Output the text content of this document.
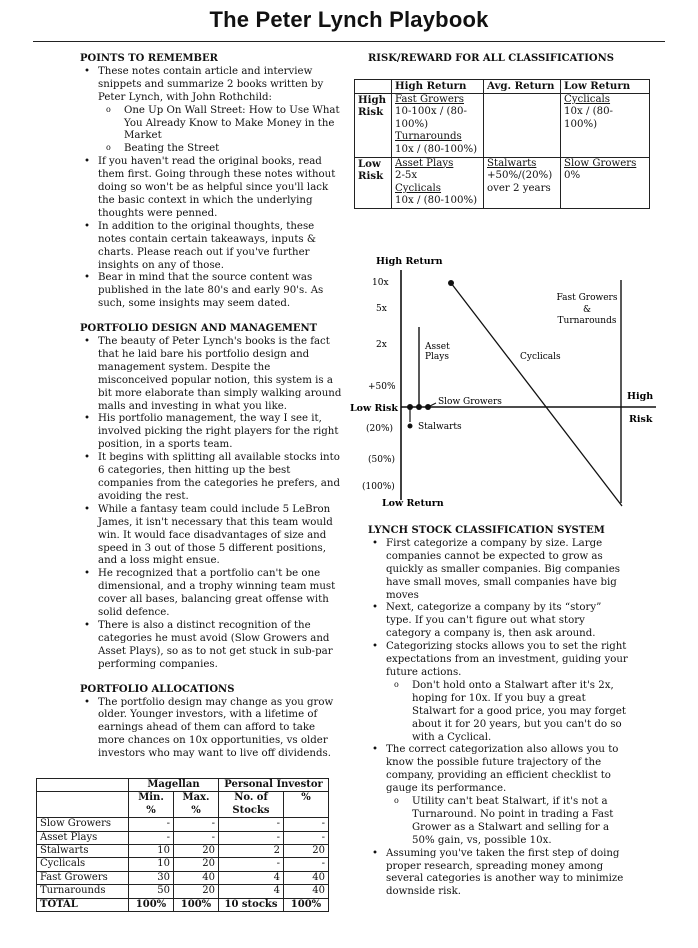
The Peter Lynch Playbook

POINTS TO REMEMBER

• These notes contain article and interview snippets and summarize 2 books written by Peter Lynch, with John Rothchild:
o One Up On Wall Street: How to Use What You Already Know to Make Money in the Market
o Beating the Street
• If you haven't read the original books, read them first. Going through these notes without doing so won't be as helpful since you'll lack the basic context in which the underlying thoughts were penned.
• In addition to the original thoughts, these notes contain certain takeaways, inputs & charts. Please reach out if you've further insights on any of those.
• Bear in mind that the source content was published in the late 80's and early 90's. As such, some insights may seem dated.

PORTFOLIO DESIGN AND MANAGEMENT

• The beauty of Peter Lynch's books is the fact that he laid bare his portfolio design and management system. Despite the misconceived popular notion, this system is a bit more elaborate than simply walking around malls and investing in what you like.
• His portfolio management, the way I see it, involved picking the right players for the right position, in a sports team.
• It begins with splitting all available stocks into 6 categories, then hitting up the best companies from the categories he prefers, and avoiding the rest.
• While a fantasy team could include 5 LeBron James, it isn't necessary that this team would win. It would face disadvantages of size and speed in 3 out of those 5 different positions, and a loss might ensue.
• He recognized that a portfolio can't be one dimensional, and a trophy winning team must cover all bases, balancing great offense with solid defence.
• There is also a distinct recognition of the categories he must avoid (Slow Growers and Asset Plays), so as to not get stuck in sub-par performing companies.

PORTFOLIO ALLOCATIONS

• The portfolio design may change as you grow older. Younger investors, with a lifetime of earnings ahead of them can afford to take more chances on 10x opportunities, vs older investors who may want to live off dividends.
	Magellan		Personal Investor	
	Min. %	Max. %	No. of Stocks	%
Slow Growers	-	-	-	-
Asset Plays	-	-	-	-
Stalwarts	10	20	2	20
Cyclicals	10	20	-	-
Fast Growers	30	40	4	40
Turnarounds	50	20	4	40
TOTAL	100%	100%	10 stocks	100%
RISK/REWARD FOR ALL CLASSIFICATIONS
	High Return	Avg. Return	Low Return
High Risk	Fast Growers
10-100x / (80-100%)
Turnarounds
10x / (80-100%)		Cyclicals
10x / (80-100%)
Low Risk	Asset Plays
2-5x
Cyclicals
10x / (80-100%)	Stalwarts
+50%/(20%) over 2 years	Slow Growers
0%
High Return
Low Return
Low Risk
High
Risk
10x
5x
2x
+50%
(20%)
(50%)
(100%)
Asset
Plays
Stalwarts
Slow Growers
Cyclicals
Fast Growers
&
Turnarounds

LYNCH STOCK CLASSIFICATION SYSTEM

• First categorize a company by size. Large companies cannot be expected to grow as quickly as smaller companies. Big companies have small moves, small companies have big moves
• Next, categorize a company by its “story” type. If you can't figure out what story category a company is, then ask around.
• Categorizing stocks allows you to set the right expectations from an investment, guiding your future actions.
o Don't hold onto a Stalwart after it's 2x, hoping for 10x. If you buy a great Stalwart for a good price, you may forget about it for 20 years, but you can't do so with a Cyclical.
• The correct categorization also allows you to know the possible future trajectory of the company, providing an efficient checklist to gauge its performance.
o Utility can't beat Stalwart, if it's not a Turnaround. No point in trading a Fast Grower as a Stalwart and selling for a 50% gain, vs, possible 10x.
• Assuming you've taken the first step of doing proper research, spreading money among several categories is another way to minimize downside risk.
